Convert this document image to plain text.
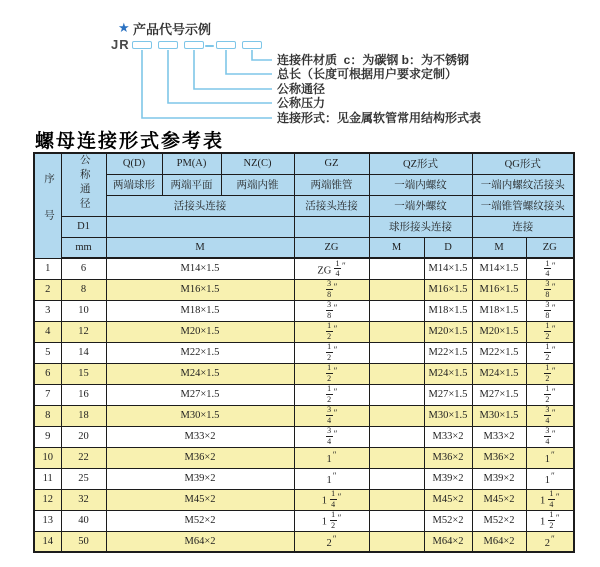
★ 产品代号示例
JR
连接件材质  c：为碳钢 b：为不锈钢
总长（长度可根据用户要求定制）
公称通径
公称压力
连接形式：见金属软管常用结构形式表
螺母连接形式参考表
序号	公称通径	Q(D)	PM(A)	NZ(C)	GZ	QZ形式		QG形式	
		两端球形	两端平面	两端内锥	两端锥管	一端内螺纹		一端内螺纹活接头	
		活接头连接			活接头连接	一端外螺纹		一端锥管螺纹接头	
	D1					球形接头连接		连接	
	mm	M			ZG	M	D	M	ZG
1	6	M14×1.5			ZG $\frac{1}{4}$ ″		M14×1.5	M14×1.5	$\frac{1}{4}$ ″
2	8	M16×1.5			$\frac{3}{8}$ ″		M16×1.5	M16×1.5	$\frac{3}{8}$ ″
3	10	M18×1.5			$\frac{3}{8}$ ″		M18×1.5	M18×1.5	$\frac{3}{8}$ ″
4	12	M20×1.5			$\frac{1}{2}$ ″		M20×1.5	M20×1.5	$\frac{1}{2}$ ″
5	14	M22×1.5			$\frac{1}{2}$ ″		M22×1.5	M22×1.5	$\frac{1}{2}$ ″
6	15	M24×1.5			$\frac{1}{2}$ ″		M24×1.5	M24×1.5	$\frac{1}{2}$ ″
7	16	M27×1.5			$\frac{1}{2}$ ″		M27×1.5	M27×1.5	$\frac{1}{2}$ ″
8	18	M30×1.5			$\frac{3}{4}$ ″		M30×1.5	M30×1.5	$\frac{3}{4}$ ″
9	20	M33×2			$\frac{3}{4}$ ″		M33×2	M33×2	$\frac{3}{4}$ ″
10	22	M36×2			1″		M36×2	M36×2	1″
11	25	M39×2			1″		M39×2	M39×2	1″
12	32	M45×2			$1 \frac{1}{4}$ ″		M45×2	M45×2	$1 \frac{1}{4}$ ″
13	40	M52×2			$1 \frac{1}{2}$ ″		M52×2	M52×2	$1 \frac{1}{2}$ ″
14	50	M64×2			2″		M64×2	M64×2	2″
